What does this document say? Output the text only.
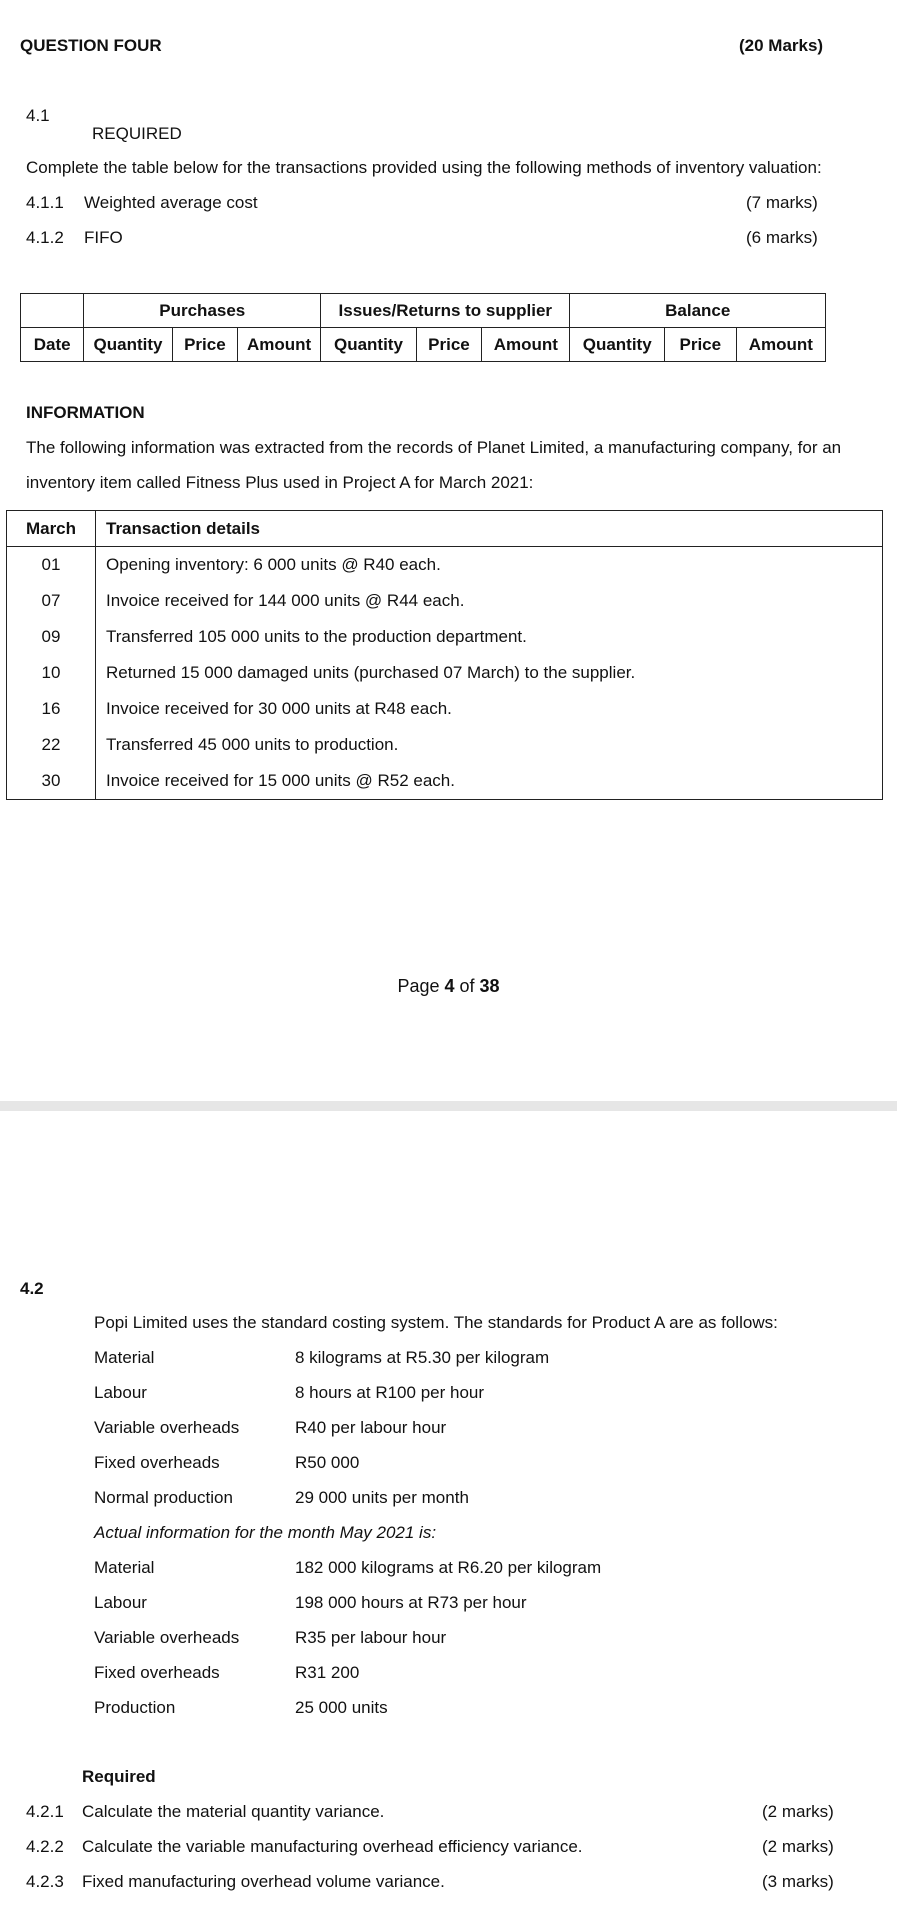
QUESTION FOUR	(20 Marks)
4.1
REQUIRED
Complete the table below for the transactions provided using the following methods of inventory valuation:
4.1.1 Weighted average cost	(7 marks)
4.1.2 FIFO	(6 marks)
	Purchases			Issues/Returns to supplier			Balance		
Date	Quantity	Price	Amount	Quantity	Price	Amount	Quantity	Price	Amount
INFORMATION
The following information was extracted from the records of Planet Limited, a manufacturing company, for an
inventory item called Fitness Plus used in Project A for March 2021:
March	Transaction details
01	Opening inventory: 6 000 units @ R40 each.
07	Invoice received for 144 000 units @ R44 each.
09	Transferred 105 000 units to the production department.
10	Returned 15 000 damaged units (purchased 07 March) to the supplier.
16	Invoice received for 30 000 units at R48 each.
22	Transferred 45 000 units to production.
30	Invoice received for 15 000 units @ R52 each.
Page 4 of 38
4.2
Popi Limited uses the standard costing system. The standards for Product A are as follows:
Material	8 kilograms at R5.30 per kilogram
Labour	8 hours at R100 per hour
Variable overheads	R40 per labour hour
Fixed overheads	R50 000
Normal production	29 000 units per month
Actual information for the month May 2021 is:
Material	182 000 kilograms at R6.20 per kilogram
Labour	198 000 hours at R73 per hour
Variable overheads	R35 per labour hour
Fixed overheads	R31 200
Production	25 000 units
Required
4.2.1 Calculate the material quantity variance.	(2 marks)
4.2.2 Calculate the variable manufacturing overhead efficiency variance.	(2 marks)
4.2.3 Fixed manufacturing overhead volume variance.	(3 marks)
